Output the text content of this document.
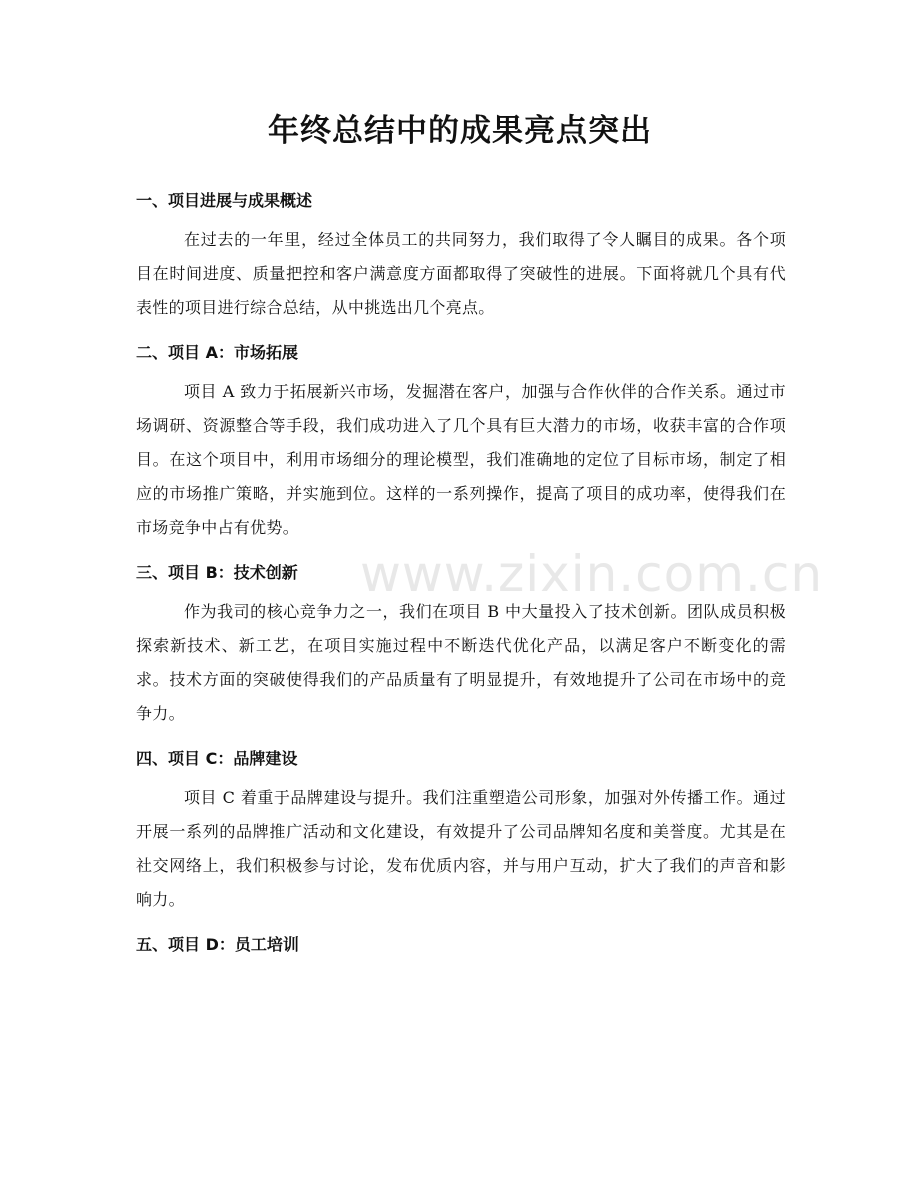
年终总结中的成果亮点突出
一、项目进展与成果概述

在过去的一年里，经过全体员工的共同努力，我们取得了令人瞩目的成果。各个项目在时间进度、质量把控和客户满意度方面都取得了突破性的进展。下面将就几个具有代表性的项目进行综合总结，从中挑选出几个亮点。

二、项目 A：市场拓展

项目 A 致力于拓展新兴市场，发掘潜在客户，加强与合作伙伴的合作关系。通过市场调研、资源整合等手段，我们成功进入了几个具有巨大潜力的市场，收获丰富的合作项目。在这个项目中，利用市场细分的理论模型，我们准确地的定位了目标市场，制定了相应的市场推广策略，并实施到位。这样的一系列操作，提高了项目的成功率，使得我们在市场竞争中占有优势。

三、项目 B：技术创新

作为我司的核心竞争力之一，我们在项目 B 中大量投入了技术创新。团队成员积极探索新技术、新工艺，在项目实施过程中不断迭代优化产品，以满足客户不断变化的需求。技术方面的突破使得我们的产品质量有了明显提升，有效地提升了公司在市场中的竞争力。

四、项目 C：品牌建设

项目 C 着重于品牌建设与提升。我们注重塑造公司形象，加强对外传播工作。通过开展一系列的品牌推广活动和文化建设，有效提升了公司品牌知名度和美誉度。尤其是在社交网络上，我们积极参与讨论，发布优质内容，并与用户互动，扩大了我们的声音和影响力。

五、项目 D：员工培训
www.zixin.com.cn
